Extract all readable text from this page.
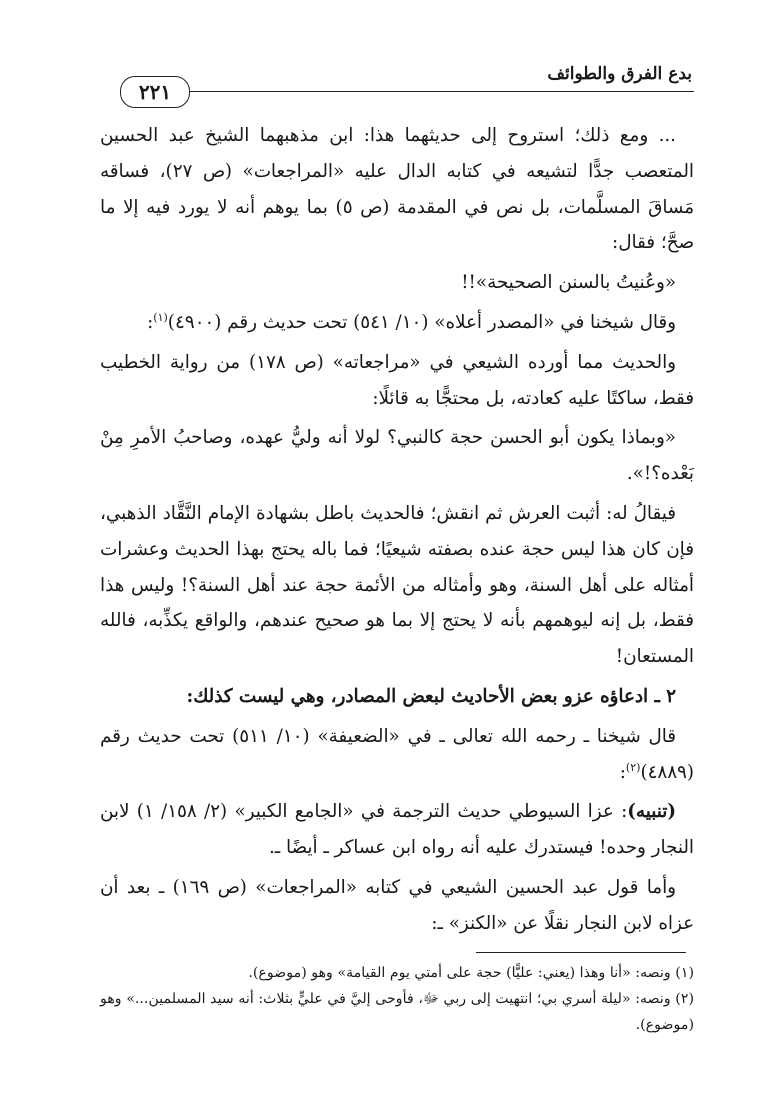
بدع الفرق والطوائف
٢٢١

... ومع ذلك؛ استروح إلى حديثهما هذا: ابن مذهبهما الشيخ عبد الحسين المتعصب جدًّا لتشيعه في كتابه الدال عليه «المراجعات» (ص ٢٧)، فساقه مَساقَ المسلَّمات، بل نص في المقدمة (ص ٥) بما يوهم أنه لا يورد فيه إلا ما صحَّ؛ فقال:

«وعُنيتُ بالسنن الصحيحة»!!

وقال شيخنا في «المصدر أعلاه» (١٠/ ٥٤١) تحت حديث رقم (٤٩٠٠)$^{(١)}$:

والحديث مما أورده الشيعي في «مراجعاته» (ص ١٧٨) من رواية الخطيب فقط، ساكتًا عليه كعادته، بل محتجًّا به قائلًا:

«وبماذا يكون أبو الحسن حجة كالنبي؟ لولا أنه وليُّ عهده، وصاحبُ الأمرِ مِنْ بَعْده؟!».

فيقالُ له: أثبت العرش ثم انقش؛ فالحديث باطل بشهادة الإمام النَّقَّاد الذهبي، فإن كان هذا ليس حجة عنده بصفته شيعيًا؛ فما باله يحتج بهذا الحديث وعشرات أمثاله على أهل السنة، وهو وأمثاله من الأئمة حجة عند أهل السنة؟! وليس هذا فقط، بل إنه ليوهمهم بأنه لا يحتج إلا بما هو صحيح عندهم، والواقع يكذِّبه، فالله المستعان!

٢ ـ ادعاؤه عزو بعض الأحاديث لبعض المصادر، وهي ليست كذلك:

قال شيخنا ـ رحمه الله تعالى ـ في «الضعيفة» (١٠/ ٥١١) تحت حديث رقم (٤٨٨٩)$^{(٢)}$:

(تنبيه): عزا السيوطي حديث الترجمة في «الجامع الكبير» (٢/ ١٥٨/ ١) لابن النجار وحده! فيستدرك عليه أنه رواه ابن عساكر ـ أيضًا ـ.

وأما قول عبد الحسين الشيعي في كتابه «المراجعات» (ص ١٦٩) ـ بعد أن عزاه لابن النجار نقلًا عن «الكنز» ـ:

(١) ونصه: «أنا وهذا (يعني: عليًّا) حجة على أمتي يوم القيامة» وهو (موضوع).

(٢) ونصه: «ليلة أسري بي؛ انتهيت إلى ربي ﷻ، فأوحى إليَّ في عليٍّ بثلاث: أنه سيد المسلمين...» وهو (موضوع).
